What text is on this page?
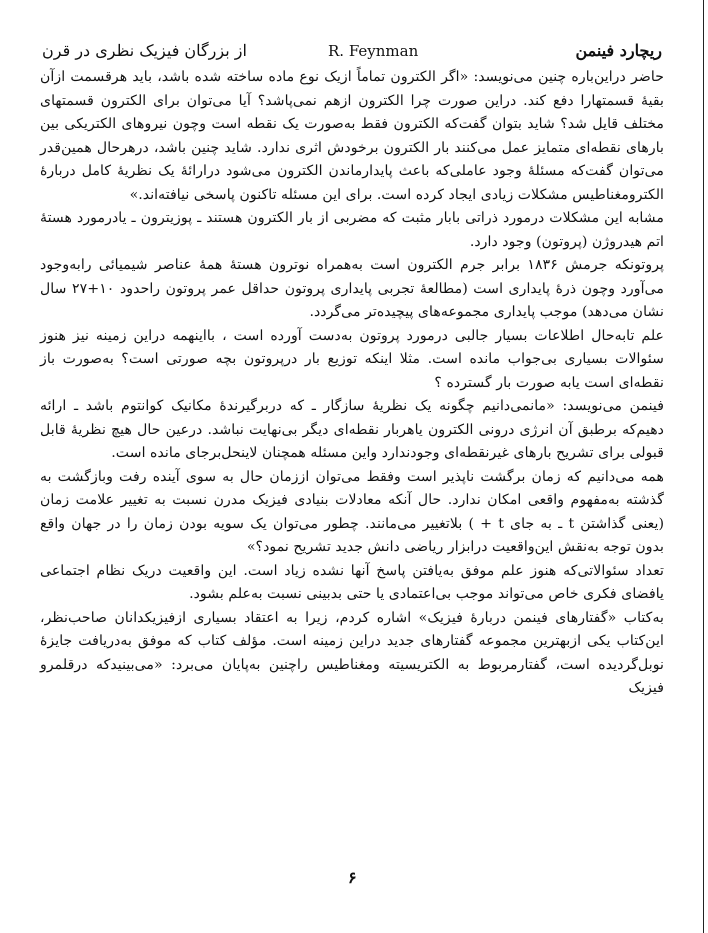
ریچارد فینمن
R. Feynman
از بزرگان فیزیک نظری در قرن

حاضر دراین‌باره چنین می‌نویسد: «اگر الکترون تماماً ازیک نوع ماده ساخته شده باشد، باید هرقسمت ازآن بقیهٔ قسمتهارا دفع کند. دراین صورت چرا الکترون ازهم نمی‌پاشد؟ آیا می‌توان برای الکترون قسمتهای مختلف قایل شد؟ شاید بتوان گفت‌که الکترون فقط به‌صورت یک نقطه است وچون نیروهای الکتریکی بین بارهای نقطه‌ای متمایز عمل می‌کنند بار الکترون برخودش اثری ندارد. شاید چنین باشد، درهرحال همین‌قدر می‌توان گفت‌که مسئلهٔ وجود عاملی‌که باعث پایدارماندن الکترون می‌شود درارائهٔ یک نظریهٔ کامل دربارهٔ الکترومغناطیس مشکلات زیادی ایجاد کرده است. برای این مسئله تاکنون پاسخی نیافته‌اند.»

مشابه این مشکلات درمورد ذراتی بابار مثبت که مضربی از بار الکترون هستند ـ پوزیترون ـ یادرمورد هستهٔ اتم هیدروژن (پروتون) وجود دارد.

پروتونکه جرمش ۱۸۳۶ برابر جرم الکترون است به‌همراه نوترون هستهٔ همهٔ عناصر شیمیائی رابه‌وجود می‌آورد وچون ذرهٔ پایداری است (مطالعهٔ تجربی پایداری پروتون حداقل عمر پروتون راحدود ۱۰+۲۷ سال نشان می‌دهد) موجب پایداری مجموعه‌های پیچیده‌تر می‌گردد.

علم تابه‌حال اطلاعات بسیار جالبی درمورد پروتون به‌دست آورده است ، بااینهمه دراین زمینه نیز هنوز سئوالات بسیاری بی‌جواب مانده است. مثلا اینکه توزیع بار درپروتون بچه صورتی است؟ به‌صورت باز نقطه‌ای است یابه صورت بار گسترده ؟

فینمن می‌نویسد: «مانمی‌دانیم چگونه یک نظریهٔ سازگار ـ که دربرگیرندهٔ مکانیک کوانتوم باشد ـ ارائه دهیم‌که برطبق آن انرژی درونی الکترون یاهربار نقطه‌ای دیگر بی‌نهایت نباشد. درعین حال هیچ نظریهٔ قابل قبولی برای تشریح بارهای غیرنقطه‌ای وجودندارد واین مسئله همچنان لاینحل‌برجای مانده است.

همه می‌دانیم که زمان برگشت ناپذیر است وفقط می‌توان اززمان حال به سوی آینده رفت وبازگشت به گذشته به‌مفهوم واقعی امکان ندارد. حال آنکه معادلات بنیادی فیزیک مدرن نسبت به تغییر علامت زمان (یعنی گذاشتن t ـ به جای t + ) بلاتغییر می‌مانند. چطور می‌توان یک سویه بودن زمان را در جهان واقع بدون توجه به‌نقش این‌واقعیت درابزار ریاضی دانش جدید تشریح نمود؟»

تعداد سئوالاتی‌که هنوز علم موفق به‌یافتن پاسخ آنها نشده زیاد است. این واقعیت دریک نظام اجتماعی یافضای فکری خاص می‌تواند موجب بی‌اعتمادی یا حتی بدبینی نسبت به‌علم بشود.

به‌کتاب «گفتارهای فینمن دربارهٔ فیزیک» اشاره کردم، زیرا به اعتقاد بسیاری ازفیزیکدانان صاحب‌نظر، این‌کتاب یکی ازبهترین مجموعه گفتارهای جدید دراین زمینه است. مؤلف کتاب که موفق به‌دریافت جایزهٔ نوبل‌گردیده است، گفتارمربوط به الکتریسیته ومغناطیس راچنین به‌پایان می‌برد: «می‌بینیدکه درقلمرو فیزیک

۶
